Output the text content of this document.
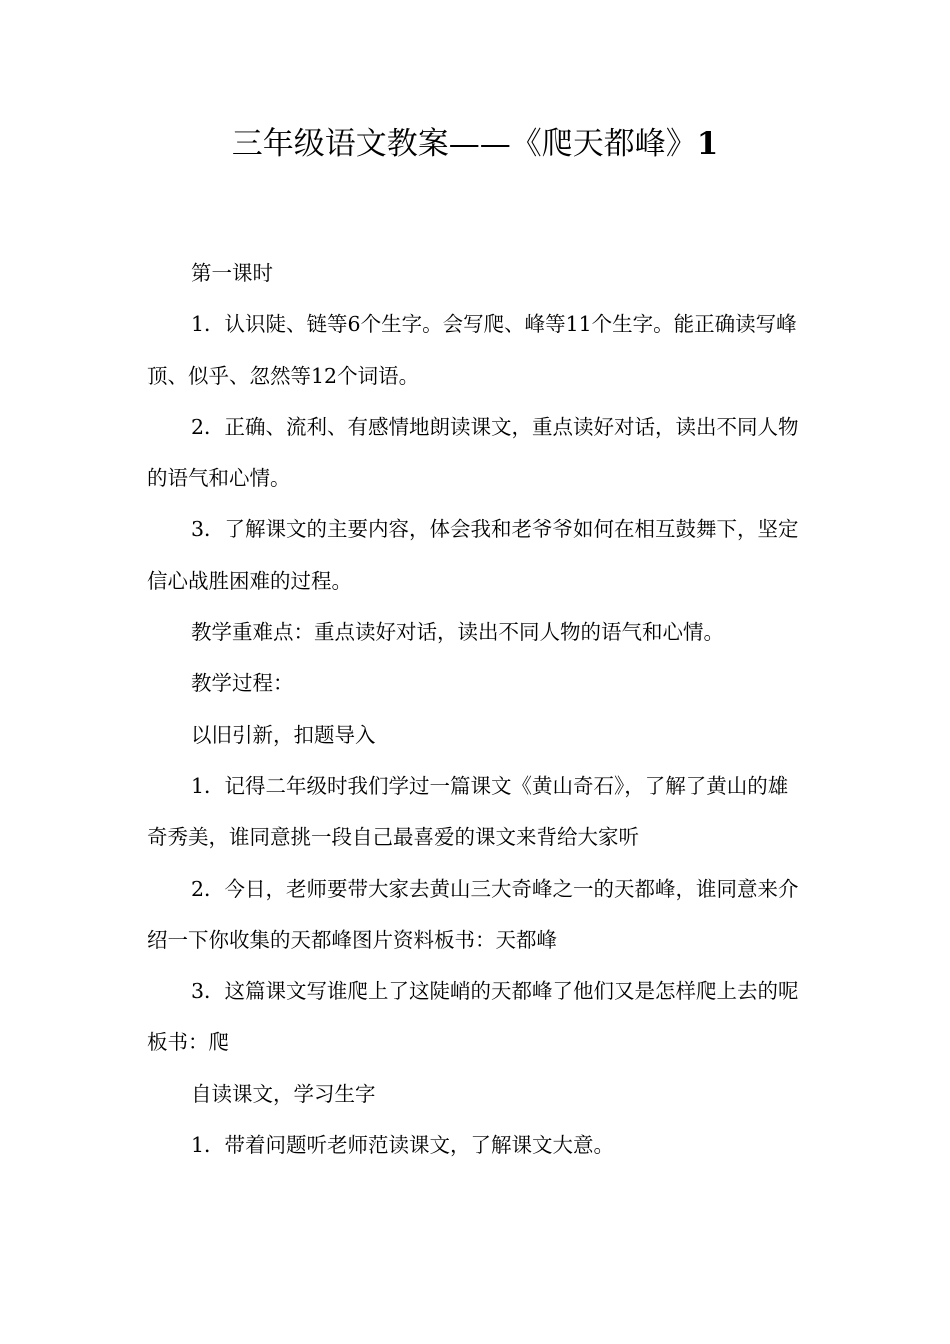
三年级语文教案——《爬天都峰》1

第一课时

1．认识陡、链等6个生字。会写爬、峰等11个生字。能正确读写峰顶、似乎、忽然等12个词语。

2．正确、流利、有感情地朗读课文，重点读好对话，读出不同人物的语气和心情。

3．了解课文的主要内容，体会我和老爷爷如何在相互鼓舞下，坚定信心战胜困难的过程。

教学重难点：重点读好对话，读出不同人物的语气和心情。

教学过程：

以旧引新，扣题导入

1．记得二年级时我们学过一篇课文《黄山奇石》，了解了黄山的雄奇秀美，谁同意挑一段自己最喜爱的课文来背给大家听

2．今日，老师要带大家去黄山三大奇峰之一的天都峰，谁同意来介绍一下你收集的天都峰图片资料板书：天都峰

3．这篇课文写谁爬上了这陡峭的天都峰了他们又是怎样爬上去的呢板书：爬

自读课文，学习生字

1．带着问题听老师范读课文，了解课文大意。
